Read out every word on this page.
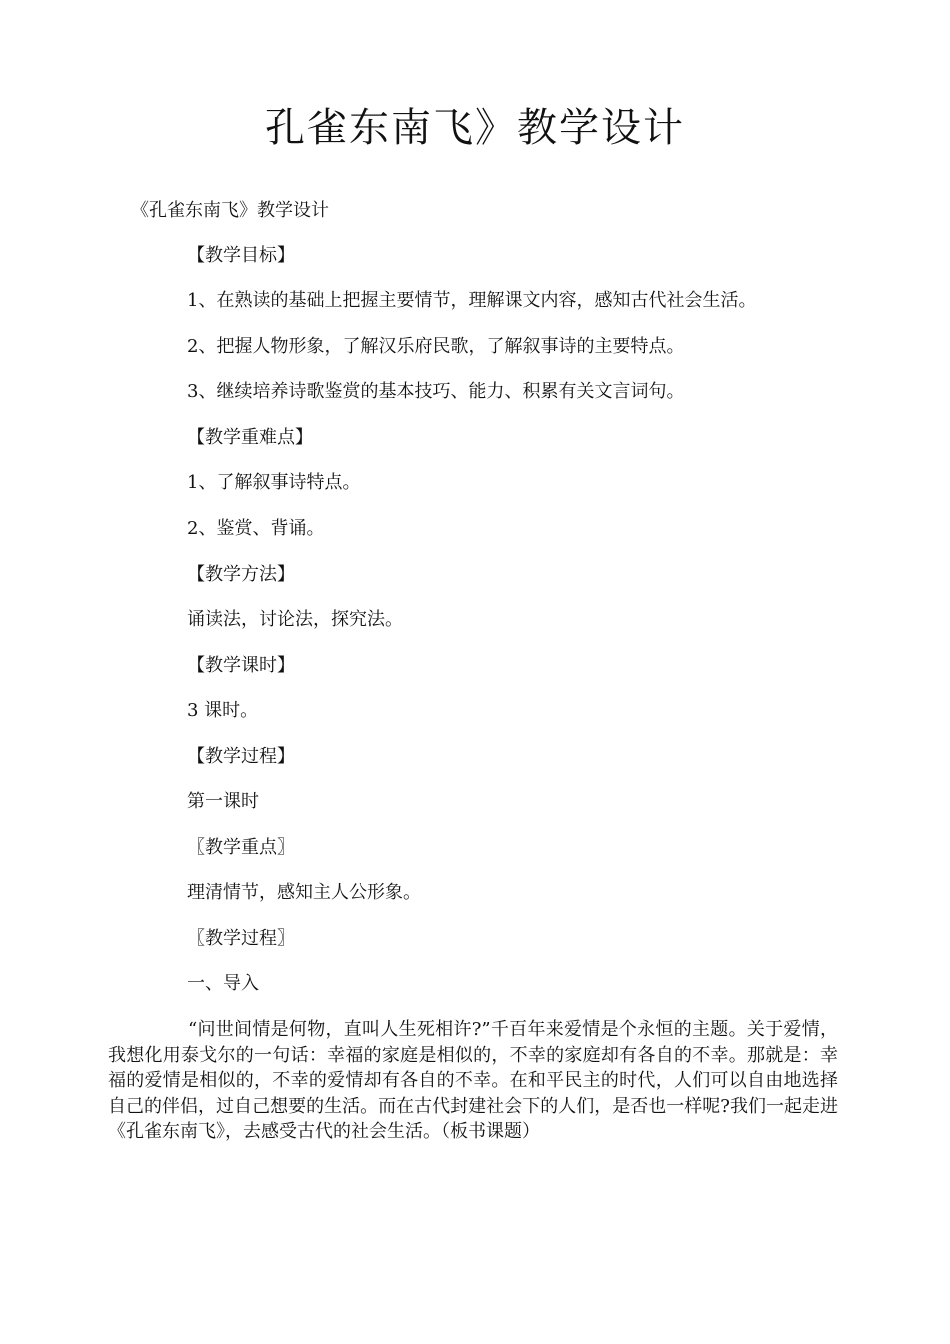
孔雀东南飞》教学设计
《孔雀东南飞》教学设计
【教学目标】
1、在熟读的基础上把握主要情节，理解课文内容，感知古代社会生活。
2、把握人物形象，了解汉乐府民歌，了解叙事诗的主要特点。
3、继续培养诗歌鉴赏的基本技巧、能力、积累有关文言词句。
【教学重难点】
1、了解叙事诗特点。
2、鉴赏、背诵。
【教学方法】
诵读法，讨论法，探究法。
【教学课时】
3 课时。
【教学过程】
第一课时
〖教学重点〗
理清情节，感知主人公形象。
〖教学过程〗
一、导入
“问世间情是何物，直叫人生死相许?”千百年来爱情是个永恒的主题。关于爱情，我想化用泰戈尔的一句话：幸福的家庭是相似的，不幸的家庭却有各自的不幸。那就是：幸福的爱情是相似的，不幸的爱情却有各自的不幸。在和平民主的时代，人们可以自由地选择自己的伴侣，过自己想要的生活。而在古代封建社会下的人们，是否也一样呢?我们一起走进《孔雀东南飞》，去感受古代的社会生活。（板书课题）
